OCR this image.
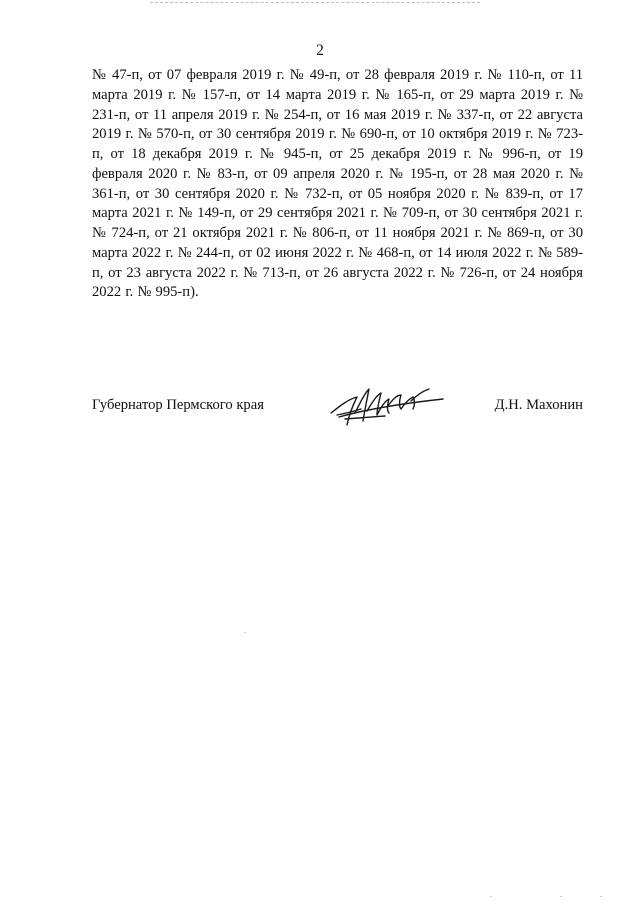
2

№ 47-п, от 07 февраля 2019 г. № 49-п, от 28 февраля 2019 г. № 110-п, от 11 марта 2019 г. № 157-п, от 14 марта 2019 г. № 165-п, от 29 марта 2019 г. № 231-п, от 11 апреля 2019 г. № 254-п, от 16 мая 2019 г. № 337-п, от 22 августа 2019 г. № 570-п, от 30 сентября 2019 г. № 690-п, от 10 октября 2019 г. № 723-п, от 18 декабря 2019 г. № 945-п, от 25 декабря 2019 г. № 996-п, от 19 февраля 2020 г. № 83-п, от 09 апреля 2020 г. № 195-п, от 28 мая 2020 г. № 361-п, от 30 сентября 2020 г. № 732-п, от 05 ноября 2020 г. № 839-п, от 17 марта 2021 г. № 149-п, от 29 сентября 2021 г. № 709-п, от 30 сентября 2021 г. № 724-п, от 21 октября 2021 г. № 806-п, от 11 ноября 2021 г. № 869-п, от 30 марта 2022 г. № 244-п, от 02 июня 2022 г. № 468-п, от 14 июля 2022 г. № 589-п, от 23 августа 2022 г. № 713-п, от 26 августа 2022 г. № 726-п, от 24 ноября 2022 г. № 995-п).

Губернатор Пермского края	Д.Н. Махонин
